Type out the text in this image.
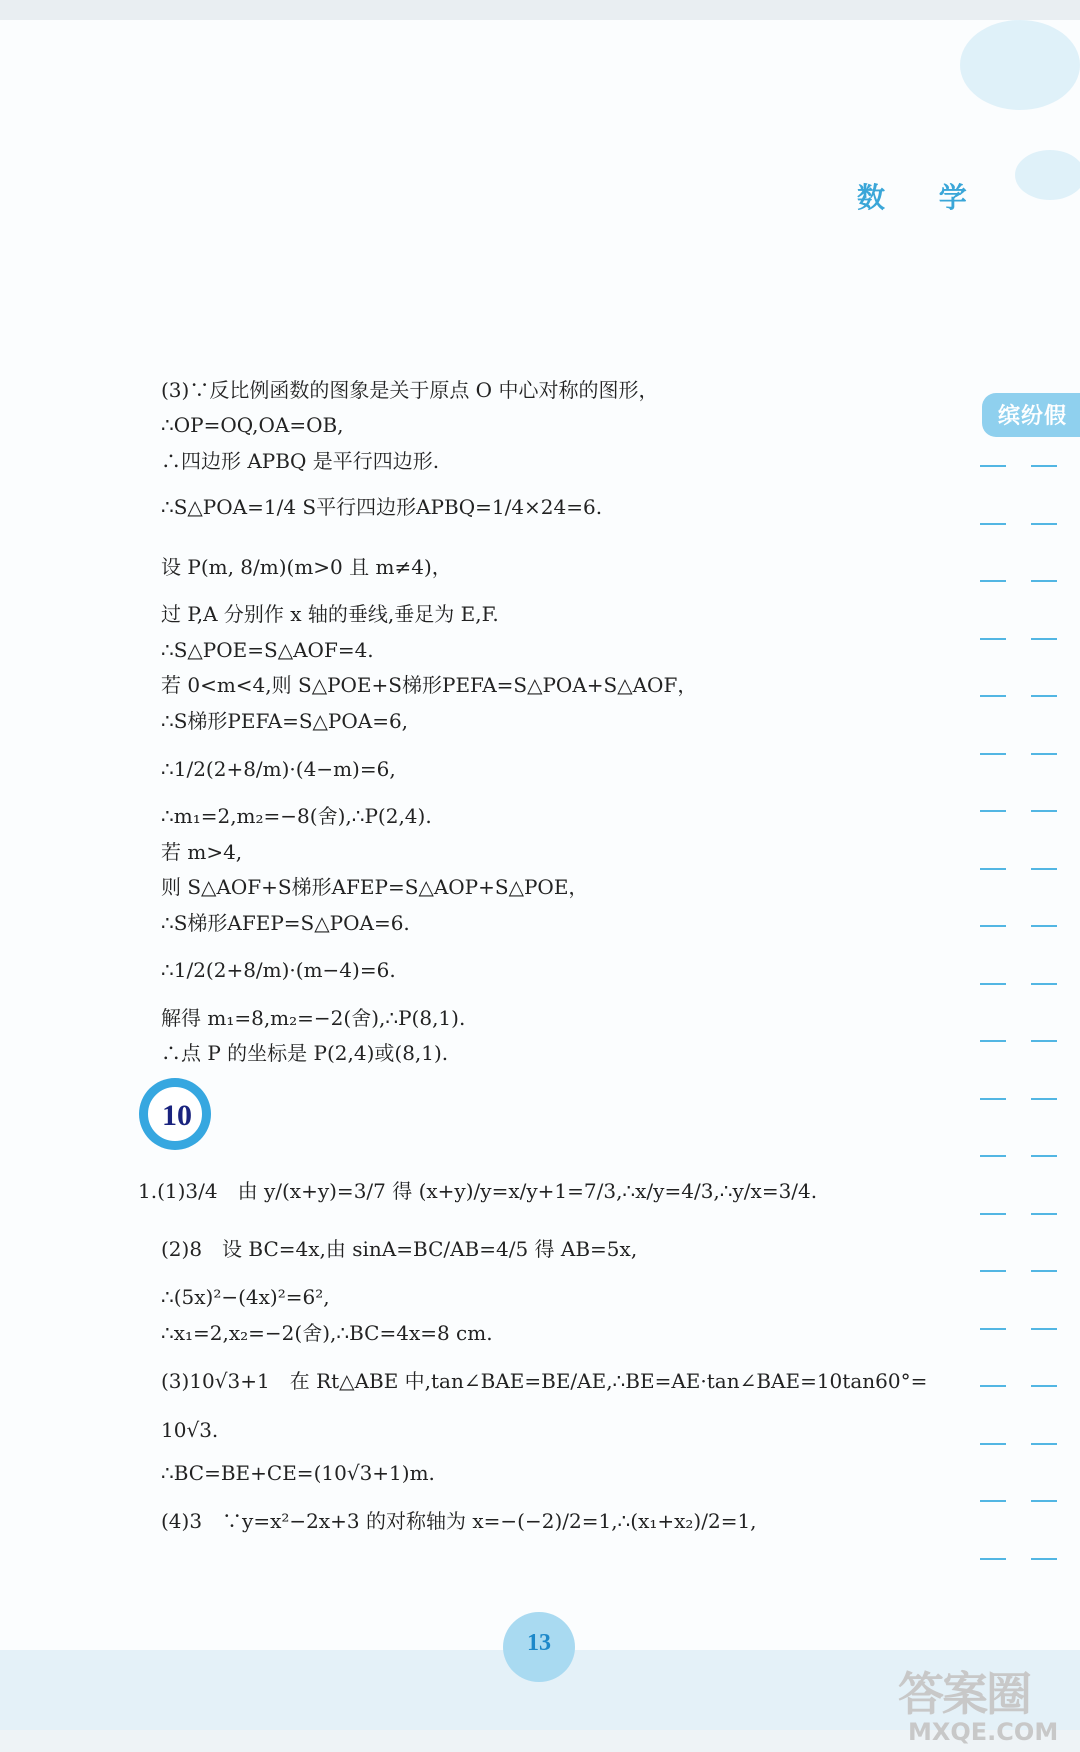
数 学
缤纷假
(3)∵反比例函数的图象是关于原点 O 中心对称的图形，
∴OP=OQ,OA=OB,
∴四边形 APBQ 是平行四边形.
∴S△POA=1/4 S平行四边形APBQ=1/4×24=6.
设 P(m, 8/m)(m>0 且 m≠4)，
过 P,A 分别作 x 轴的垂线,垂足为 E,F.
∴S△POE=S△AOF=4.
若 0<m<4,则 S△POE+S梯形PEFA=S△POA+S△AOF，
∴S梯形PEFA=S△POA=6,
∴1/2(2+8/m)·(4−m)=6,
∴m₁=2,m₂=−8(舍),∴P(2,4).
若 m>4,
则 S△AOF+S梯形AFEP=S△AOP+S△POE，
∴S梯形AFEP=S△POA=6.
∴1/2(2+8/m)·(m−4)=6.
解得 m₁=8,m₂=−2(舍),∴P(8,1).
∴点 P 的坐标是 P(2,4)或(8,1).
10
1.(1)3/4　由 y/(x+y)=3/7 得 (x+y)/y=x/y+1=7/3,∴x/y=4/3,∴y/x=3/4.
(2)8　设 BC=4x,由 sinA=BC/AB=4/5 得 AB=5x,
∴(5x)²−(4x)²=6²,
∴x₁=2,x₂=−2(舍),∴BC=4x=8 cm.
(3)10√3+1　在 Rt△ABE 中,tan∠BAE=BE/AE,∴BE=AE·tan∠BAE=10tan60°=
10√3.
∴BC=BE+CE=(10√3+1)m.
(4)3　∵y=x²−2x+3 的对称轴为 x=−(−2)/2=1,∴(x₁+x₂)/2=1,
13
答案圈
MXQE.COM
